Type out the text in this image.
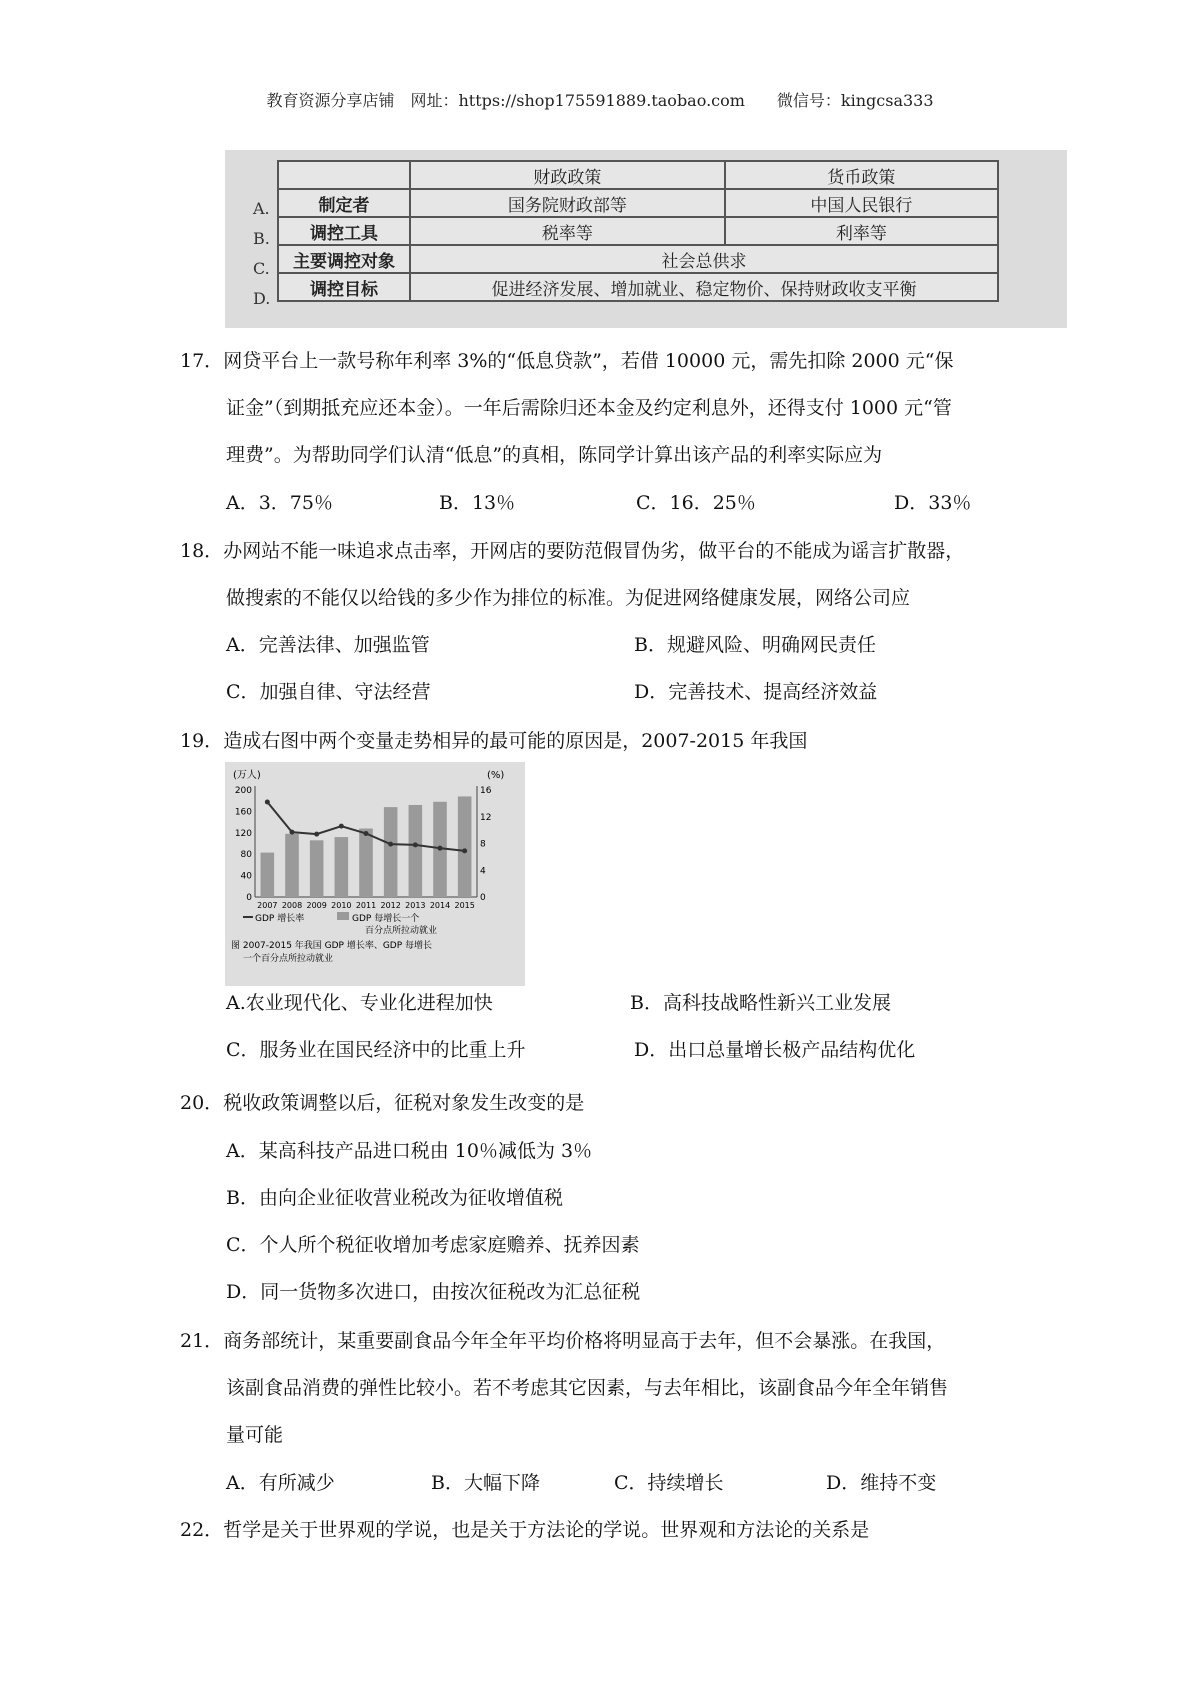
教育资源分享店铺　网址：https://shop175591889.taobao.com　　微信号：kingcsa333
A.
B.
C.
D.
	财政政策	货币政策
制定者	国务院财政部等	中国人民银行
调控工具	税率等	利率等
主要调控对象	社会总供求	
调控目标	促进经济发展、增加就业、稳定物价、保持财政收支平衡	

17．网贷平台上一款号称年利率 3%的“低息贷款”，若借 10000 元，需先扣除 2000 元“保

证金”（到期抵充应还本金）。一年后需除归还本金及约定利息外，还得支付 1000 元“管

理费”。为帮助同学们认清“低息”的真相，陈同学计算出该产品的利率实际应为

A．3．75％	B．13％	C．16．25％	D．33％

18．办网站不能一味追求点击率，开网店的要防范假冒伪劣，做平台的不能成为谣言扩散器，

做搜索的不能仅以给钱的多少作为排位的标准。为促进网络健康发展，网络公司应

A．完善法律、加强监管	B．规避风险、明确网民责任
C．加强自律、守法经营	D．完善技术、提高经济效益

19．造成右图中两个变量走势相异的最可能的原因是，2007-2015 年我国

(万人)	(%)
0
40
80
120
160
200
0
4
8
12
16
2007 2008 2009 2010 2011 2012 2013 2014 2015
GDP 增长率	GDP 每增长一个
百分点所拉动就业
图 2007-2015 年我国 GDP 增长率、GDP 每增长
一个百分点所拉动就业
A.农业现代化、专业化进程加快	B．高科技战略性新兴工业发展
C．服务业在国民经济中的比重上升	D．出口总量增长极产品结构优化

20．税收政策调整以后，征税对象发生改变的是

A．某高科技产品进口税由 10％减低为 3％
B．由向企业征收营业税改为征收增值税
C．个人所个税征收增加考虑家庭赡养、抚养因素
D．同一货物多次进口，由按次征税改为汇总征税

21．商务部统计，某重要副食品今年全年平均价格将明显高于去年，但不会暴涨。在我国，

该副食品消费的弹性比较小。若不考虑其它因素，与去年相比，该副食品今年全年销售

量可能

A．有所减少	B．大幅下降	C．持续增长	D．维持不变

22．哲学是关于世界观的学说，也是关于方法论的学说。世界观和方法论的关系是
